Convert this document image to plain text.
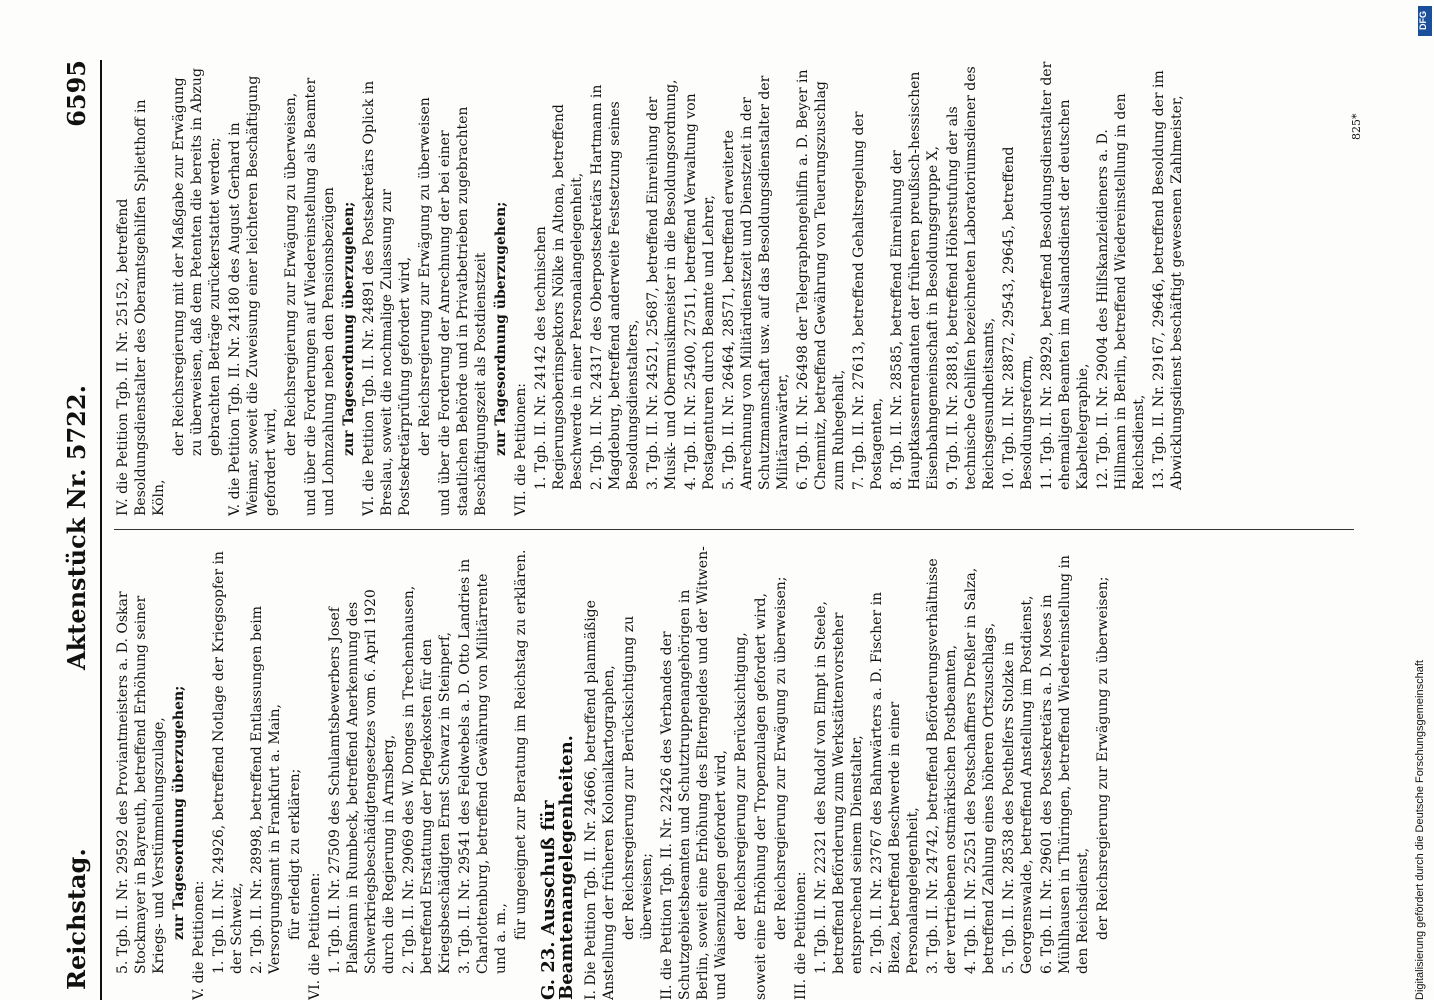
Reichstag.
Aktenstück Nr. 5722.
6595
5. Tgb. II. Nr. 29592 des Proviantmeisters a. D. Oskar Stockmayer in Bayreuth, betreffend Erhöhung seiner Kriegs- und Verstümmelungszulage, zur Tagesordnung überzugehen;
V. die Petitionen: 1. Tgb. II. Nr. 24926, betreffend Notlage der Kriegsopfer in der Schweiz, 2. Tgb. II. Nr. 28998, betreffend Entlassungen beim Versorgungsamt in Frankfurt a. Main, für erledigt zu erklären; VI. die Petitionen: 1. Tgb. II. Nr. 27509 des Schulamtsbewerbers Josef Plaßmann in Rumbeck, betreffend Anerkennung des Schwerkriegsbeschädigtengesetzes vom 6. April 1920 durch die Regierung in Arnsberg, 2. Tgb. II. Nr. 29069 des W. Donges in Trechenhausen, betreffend Erstattung der Pflegekosten für den Kriegsbeschädigten Ernst Schwarz in Steinperf, 3. Tgb. II. Nr. 29541 des Feldwebels a. D. Otto Landries in Charlottenburg, betreffend Gewährung von Militärrente und a. m., für ungeeignet zur Beratung im Reichstag zu erklären. G. 23. Ausschuß für Beamtenangelegenheiten. I. Die Petition Tgb. II. Nr. 24666, betreffend planmäßige Anstellung der früheren Kolonialkartographen, der Reichsregierung zur Berücksichtigung zu überweisen; II. die Petition Tgb. II. Nr. 22426 des Verbandes der Schutzgebietsbeamten und Schutztruppenangehörigen in Berlin, soweit eine Erhöhung des Elterngeldes und der Witwen- und Waisenzulagen gefordert wird, der Reichsregierung zur Berücksichtigung, soweit eine Erhöhung der Tropenzulagen gefordert wird, der Reichsregierung zur Erwägung zu überweisen; III. die Petitionen: 1. Tgb. II. Nr. 22321 des Rudolf von Elmpt in Steele, betreffend Beförderung zum Werkstättenvorsteher entsprechend seinem Dienstalter, 2. Tgb. II. Nr. 23767 des Bahnwärters a. D. Fischer in Bieza, betreffend Beschwerde in einer Personalangelegenheit, 3. Tgb. II. Nr. 24742, betreffend Beförderungsverhältnisse der vertriebenen ostmärkischen Postbeamten, 4. Tgb. II. Nr. 25251 des Postschaffners Dreßler in Salza, betreffend Zahlung eines höheren Ortszuschlags, 5. Tgb. II. Nr. 28538 des Posthelfers Stolzke in Georgenswalde, betreffend Anstellung im Postdienst, 6. Tgb. II. Nr. 29601 des Postsekretärs a. D. Moses in Mühlhausen in Thüringen, betreffend Wiedereinstellung in den Reichsdienst, der Reichsregierung zur Erwägung zu überweisen;
IV. die Petition Tgb. II. Nr. 25152, betreffend Besoldungsdienstalter des Oberamtsgehilfen Splietthoff in Köln,
der Reichsregierung mit der Maßgabe zur Erwägung zu überweisen, daß dem Petenten die bereits in Abzug gebrachten Beträge zurückerstattet werden; V. die Petition Tgb. II. Nr. 24180 des August Gerhard in Weimar, soweit die Zuweisung einer leichteren Beschäftigung gefordert wird,
der Reichsregierung zur Erwägung zu überweisen, und über die Forderungen auf Wiedereinstellung als Beamter und Lohnzahlung neben den Pensionsbezügen zur Tagesordnung überzugehen; VI. die Petition Tgb. II. Nr. 24891 des Postsekretärs Oplick in Breslau, soweit die nochmalige Zulassung zur Postsekretärprüfung gefordert wird, der Reichsregierung zur Erwägung zu überweisen und über die Forderung der Anrechnung der bei einer staatlichen Behörde und in Privatbetrieben zugebrachten Beschäftigungszeit als Postdienstzeit zur Tagesordnung überzugehen; VII. die Petitionen: 1. Tgb. II. Nr. 24142 des technischen Regierungsoberinspektors Nölke in Altona, betreffend Beschwerde in einer Personalangelegenheit, 2. Tgb. II. Nr. 24317 des Oberpostsekretärs Hartmann in Magdeburg, betreffend anderweite Festsetzung seines Besoldungsdienstalters, 3. Tgb. II. Nr. 24521, 25687, betreffend Einreihung der Musik- und Obermusikmeister in die Besoldungsordnung, 4. Tgb. II. Nr. 25400, 27511, betreffend Verwaltung von Postagenturen durch Beamte und Lehrer, 5. Tgb. II. Nr. 26464, 28571, betreffend erweiterte Anrechnung von Militärdienstzeit und Dienstzeit in der Schutzmannschaft usw. auf das Besoldungsdienstalter der Militäranwärter, 6. Tgb. II. Nr. 26498 der Telegraphengehilfin a. D. Beyer in Chemnitz, betreffend Gewährung von Teuerungszuschlag zum Ruhegehalt, 7. Tgb. II. Nr. 27613, betreffend Gehaltsregelung der Postagenten, 8. Tgb. II. Nr. 28585, betreffend Einreihung der Hauptkassenrendanten der früheren preußisch-hessischen Eisenbahngemeinschaft in Besoldungsgruppe X, 9. Tgb. II. Nr. 28818, betreffend Höherstufung der als technische Gehilfen bezeichneten Laboratoriumsdiener des Reichsgesundheitsamts, 10. Tgb. II. Nr. 28872, 29543, 29645, betreffend Besoldungsreform, 11. Tgb. II. Nr. 28929, betreffend Besoldungsdienstalter der ehemaligen Beamten im Auslandsdienst der deutschen Kabeltelegraphie, 12. Tgb. II. Nr. 29004 des Hilfskanzleidieners a. D. Hillmann in Berlin, betreffend Wiedereinstellung in den Reichsdienst, 13. Tgb. II. Nr. 29167, 29646, betreffend Besoldung der im Abwicklungsdienst beschäftigt gewesenen Zahlmeister,	825*
DFG
Digitalisierung gefördert durch die Deutsche Forschungsgemeinschaft
